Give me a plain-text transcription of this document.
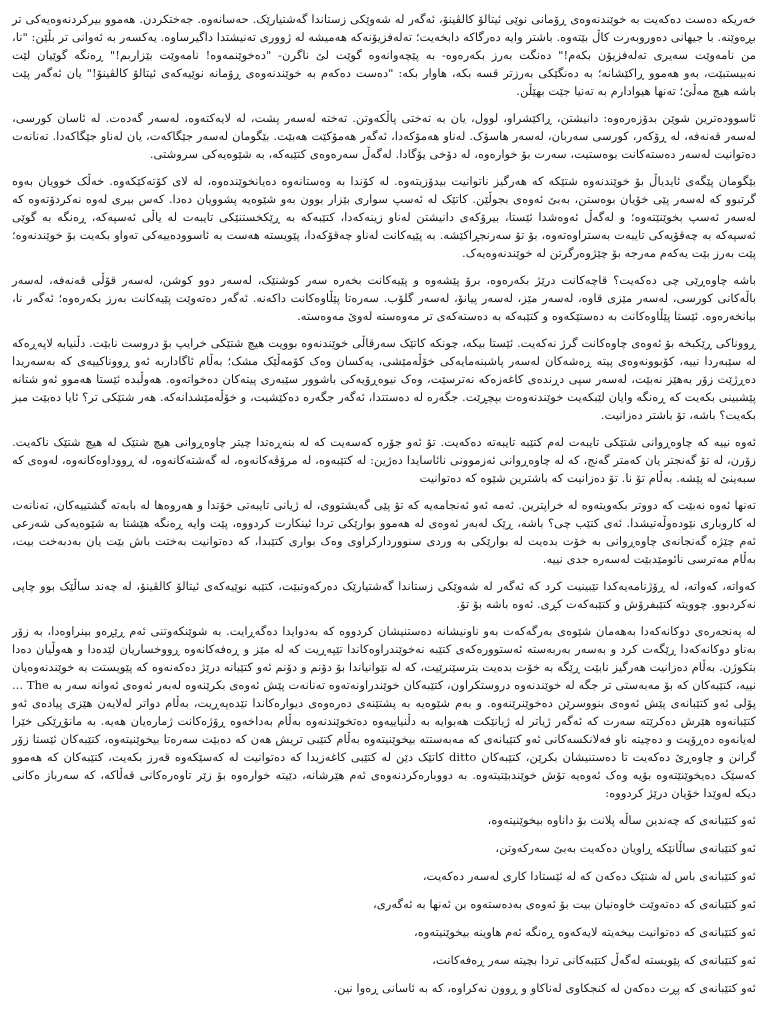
خەریکە دەست دەکەیت بە خوێندنەوەی ڕۆمانی نوێی ئیتالۆ کالڤینۆ، ئەگەر لە شەوێکی زستاندا گەشتیارێک. حەسانەوە. جەختکردن. هەموو بیرکردنەوەیەکی تر بڕەوێنە. با جیهانی دەوروبەرت کاڵ بێتەوە. باشتر وایە دەرگاکە دابخەیت؛ تەلەفزیۆنەکە هەمیشە لە ژووری تەنیشتدا داگیرساوە. یەکسەر بە ئەوانی تر بڵێن: "نا، من نامەوێت سەیری تەلەفزیۆن بکەم!" دەنگت بەرز بکەرەوە- بە پێچەوانەوە گوێت لێ ناگرن- "دەخوێنمەوە! نامەوێت بێزاربم!" ڕەنگە گوێیان لێت نەبیستبێت، بەو هەموو ڕاکێشانە؛ بە دەنگێکی بەرزتر قسە بکە، هاوار بکە: "دەست دەکەم بە خوێندنەوەی ڕۆمانە نوێیەکەی ئیتالۆ کالڤینۆ!" یان ئەگەر پێت باشە هیچ مەڵێ؛ تەنها هیوادارم بە تەنیا جێت بهێڵن.

ئاسوودەترین شوێن بدۆزەرەوە: دانیشتن، ڕاکێشراو، لوول، یان بە تەختی پاڵکەوتن. تەختە لەسەر پشت، لە لایەکتەوە، لەسەر گەدەت. لە ئاسان کورسی، لەسەر قەنەفە، لە ڕۆکەر، کورسی سەربان، لەسەر هاسۆک. لەناو هەمۆکەدا، ئەگەر هەمۆکێت هەبێت. بێگومان لەسەر جێگاکەت، یان لەناو جێگاکەدا. تەنانەت دەتوانیت لەسەر دەستەکانت بوەستیت، سەرت بۆ خوارەوە، لە دۆخی یۆگادا. لەگەڵ سەرەوەی کتێبەکە، بە شێوەیەکی سروشتی.

بێگومان پێگەی ئایدیاڵ بۆ خوێندنەوە شتێکە کە هەرگیز ناتوانیت بیدۆزیتەوە. لە کۆندا بە وەستانەوە دەیانخوێندەوە، لە لای کۆتەکێکەوە. خەڵک خوویان بەوە گرتبوو کە لەسەر پێی خۆیان بوەستن، بەبێ ئەوەی بجوڵێن. کاتێک لە ئەسپ سواری بێزار بوون بەو شێوەیە پشوویان دەدا. کەس بیری لەوە نەکردۆتەوە کە لەسەر ئەسپ بخوێنێتەوە؛ و لەگەڵ ئەوەشدا ئێستا، بیرۆکەی دانیشتن لەناو زینەکەدا، کتێبەکە بە ڕێکخستنێکی تایبەت لە یاڵی ئەسپەکە، ڕەنگە بە گوێی ئەسپەکە بە چەقۆیەکی تایبەت بەستراوەتەوە، بۆ تۆ سەرنجڕاکێشە. بە پێیەکانت لەناو چەقۆکەدا، پێویستە هەست بە ئاسوودەییەکی تەواو بکەیت بۆ خوێندنەوە؛ پێت بەرز بێت یەکەم مەرجە بۆ چێژوەرگرتن لە خوێندنەوەیەک.

باشە چاوەڕێی چی دەکەیت؟ قاچەکانت درێژ بکەرەوە، برۆ پێشەوە و پێیەکانت بخەرە سەر کوشنێک، لەسەر دوو کوشن، لەسەر قۆڵی قەنەفە، لەسەر باڵەکانی کورسی، لەسەر مێزی قاوە، لەسەر مێز، لەسەر پیانۆ، لەسەر گلۆب. سەرەتا پێڵاوەکانت داکەنە. ئەگەر دەتەوێت پێیەکانت بەرز بکەرەوە؛ ئەگەر نا، بیانخەرەوە. ئێستا پێڵاوەکانت بە دەستێکەوە و کتێبەکە بە دەستەکەی تر مەوەستە لەوێ مەوەستە.

ڕووناکی ڕێکبخە بۆ ئەوەی چاوەکانت گرژ نەکەیت. ئێستا بیکە، چونکە کاتێک سەرقاڵی خوێندنەوە بوویت هیچ شتێکی خرایپ بۆ دروست نابێت. دڵنیابە لاپەڕەکە لە سێبەردا نییە، کۆبوونەوەی پیتە ڕەشەکان لەسەر پاشبنەمایەکی خۆڵەمێشی، یەکسان وەک کۆمەڵێک مشک؛ بەڵام ئاگاداربە ئەو ڕووناکییەی کە بەسەریدا دەڕژێت زۆر بەهێز نەبێت، لەسەر سپی دڕندەی کاغەزەکە نەترسێت، وەک نیوەڕۆیەکی باشوور سێبەری پیتەکان دەخواتەوە. هەوڵبدە ئێستا هەموو ئەو شتانە پێشبینی بکەیت کە ڕەنگە وایان لێبکەیت خوێندنەوەت بپچڕێت. جگەرە لە دەستتدا، ئەگەر جگەرە دەکێشیت، و خۆڵەمێشدانەکە. هەر شتێکی تر؟ ئایا دەبێت میز بکەیت؟ باشە، تۆ باشتر دەزانیت.

ئەوە نییە کە چاوەڕوانی شتێکی تایبەت لەم کتێبە تایبەتە دەکەیت. تۆ ئەو جۆرە کەسەیت کە لە بنەڕەتدا چیتر چاوەڕوانی هیچ شتێک لە هیچ شتێک ناکەیت. زۆرن، لە تۆ گەنجتر یان کەمتر گەنج، کە لە چاوەڕوانی ئەزموونی نائاسایدا دەژین: لە کتێبەوە، لە مرۆڤەکانەوە، لە گەشتەکانەوە، لە ڕووداوەکانەوە، لەوەی کە سبەینێ لە پێشە. بەڵام تۆ نا. تۆ دەزانیت کە باشترین شێوە کە دەتوانیت

تەنها ئەوە نەبێت کە دووتر بکەویتەوە لە خراپترین. ئەمە ئەو ئەنجامەیە کە تۆ پێی گەیشتووی، لە ژیانی تایبەتی خۆتدا و هەروەها لە بابەتە گشتییەکان، تەنانەت لە کاروباری نێودەوڵەتیشدا. ئەی کتێب چی؟ باشە، ڕێک لەبەر ئەوەی لە هەموو بوارێکی تردا ئینکارت کردووە، پێت وایە ڕەنگە هێشتا بە شێوەیەکی شەرعی ئەم چێژە گەنجانەی چاوەڕوانی بە خۆت بدەیت لە بوارێکی بە وردی سنووردارکراوی وەک بواری کتێبدا، کە دەتوانیت بەختت باش بێت یان بەدبەخت بیت، بەڵام مەترسی نائومێدبێت لەسەرە جدی نییە.

کەواتە، کەواتە، لە ڕۆژنامەیەکدا تێبینیت کرد کە ئەگەر لە شەوێکی زستاندا گەشتیارێک دەرکەوتبێت، کتێبە نوێیەکەی ئیتالۆ کالڤینۆ، لە چەند ساڵێک بوو چاپی نەکردبوو. چوویتە کتێبفرۆش و کتێبەکەت کڕی. ئەوە باشە بۆ تۆ.

لە پەنجەرەی دوکانەکەدا بەھەمان شێوەی بەرگەکەت بەو ناونیشانە دەستنیشان کردووە کە بەدوایدا دەگەڕایت. بە شوێنکەوتنی ئەم ڕێڕەو بینراوەدا، بە زۆر بەناو دوکانەکەدا ڕێگەت کرد و بەسەر بەربەستە ئەستوورەکەی کتێبە نەخوێندراوەکاندا تێپەڕیت کە لە مێز و ڕەفەکانەوە ڕووخساریان لێدەدا و هەوڵیان دەدا بتکوژن. بەڵام دەزانیت هەرگیز نابێت ڕێگە بە خۆت بدەیت بترسێنرێیت، کە لە نێوانیاندا بۆ دۆنم و دۆنم ئەو کتێبانە درێژ دەکەنەوە کە پێویستت بە خوێندنەوەیان نییە، کتێبەکان کە بۆ مەبەستی تر جگە لە خوێندنەوە دروستکراون، کتێبەکان خوێندراونەتەوە تەنانەت پێش ئەوەی بکرێنەوە لەبەر ئەوەی ئەوانە سەر بە The ... پۆلی ئەو کتێبانەی پێش ئەوەی بنووسرێن دەخوێنرێنەوە. و بەم شێوەیە بە پشتێنەی دەرەوەی دیوارەکاندا تێدەپەڕیت، بەڵام دواتر لەلایەن هێزی پیادەی ئەو کتێبانەوە هێرش دەکرێتە سەرت کە ئەگەر ژیاتر لە ژیانێکت هەبوایە بە دڵنیاییەوە دەتخوێندنەوە بەڵام بەداخەوە ڕۆژەکانت ژمارەیان هەیە. بە مانۆڕێکی خێرا لەیانەوە دەڕۆیت و دەچیتە ناو فەلانکسەکانی ئەو کتێبانەی کە مەبەستتە بیخوێنیتەوە بەڵام کتێبی تریش هەن کە دەبێت سەرەتا بیخوێنیتەوە، کتێبەکان ئێستا زۆر گرانن و چاوەڕێ دەکەیت تا دەستنیشان بکرێن، کتێبەکان ditto کاتێک دێن لە کتێبی کاغەزیدا کە دەتوانیت لە کەسێکەوە قەرز بکەیت، کتێبەکان کە هەموو کەسێک دەیخوێنێتەوە بۆیە وەک ئەوەیە تۆش خوێندبێتیتەوە. بە دووبارەکردنەوەی ئەم هێرشانە، دێیتە خوارەوە بۆ زێر تاوەرەکانی قەڵاکە، کە سەرباز ەکانی دیکە لەوێدا خۆیان درێژ کردووە:

ئەو کتێبانەی کە چەندین ساڵە پلانت بۆ داناوە بیخوێنیتەوە،
ئەو کتێبانەی ساڵانێکە ڕاویان دەکەیت بەبێ سەرکەوتن،
ئەو کتێبانەی باس لە شتێک دەکەن کە لە ئێستادا کاری لەسەر دەکەیت،
ئەو کتێبانەی کە دەتەوێت خاوەنیان بیت بۆ ئەوەی بەدەستەوە بن ئەنها بە ئەگەری،
ئەو کتێبانەی کە دەتوانیت بیخەیتە لایەکەوە ڕەنگە ئەم هاوینە بیخوێنیتەوە،
ئەو کتێبانەی کە پێویستە لەگەڵ کتێبەکانی تردا بچیتە سەر ڕەفەکانت،
ئەو کتێبانەی کە پڕت دەکەن لە کنجکاوی لەناکاو و ڕوون نەکراوە، کە بە ئاسانی ڕەوا نین.
